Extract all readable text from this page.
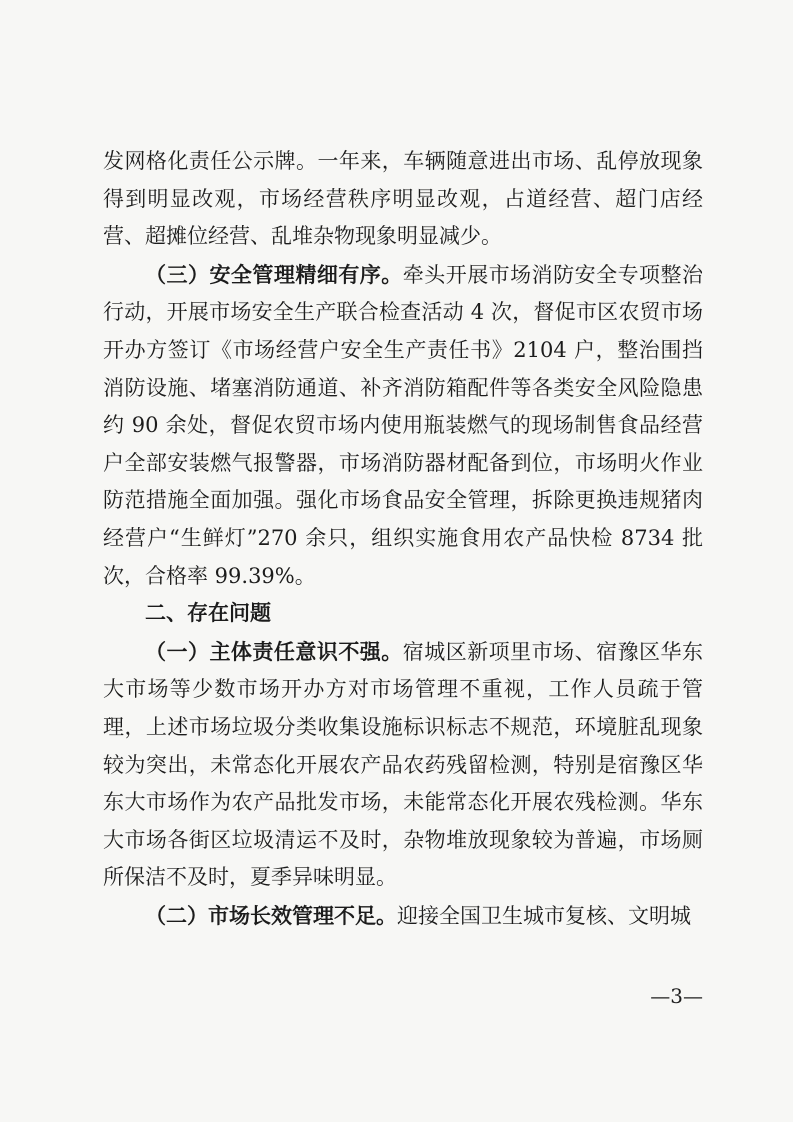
发网格化责任公示牌。一年来，车辆随意进出市场、乱停放现象得到明显改观，市场经营秩序明显改观，占道经营、超门店经营、超摊位经营、乱堆杂物现象明显减少。

（三）安全管理精细有序。牵头开展市场消防安全专项整治行动，开展市场安全生产联合检查活动 4 次，督促市区农贸市场开办方签订《市场经营户安全生产责任书》2104 户，整治围挡消防设施、堵塞消防通道、补齐消防箱配件等各类安全风险隐患约 90 余处，督促农贸市场内使用瓶装燃气的现场制售食品经营户全部安装燃气报警器，市场消防器材配备到位，市场明火作业防范措施全面加强。强化市场食品安全管理，拆除更换违规猪肉经营户“生鲜灯”270 余只，组织实施食用农产品快检 8734 批次，合格率 99.39%。

二、存在问题

（一）主体责任意识不强。宿城区新项里市场、宿豫区华东大市场等少数市场开办方对市场管理不重视，工作人员疏于管理，上述市场垃圾分类收集设施标识标志不规范，环境脏乱现象较为突出，未常态化开展农产品农药残留检测，特别是宿豫区华东大市场作为农产品批发市场，未能常态化开展农残检测。华东大市场各街区垃圾清运不及时，杂物堆放现象较为普遍，市场厕所保洁不及时，夏季异味明显。

（二）市场长效管理不足。迎接全国卫生城市复核、文明城

—3—
